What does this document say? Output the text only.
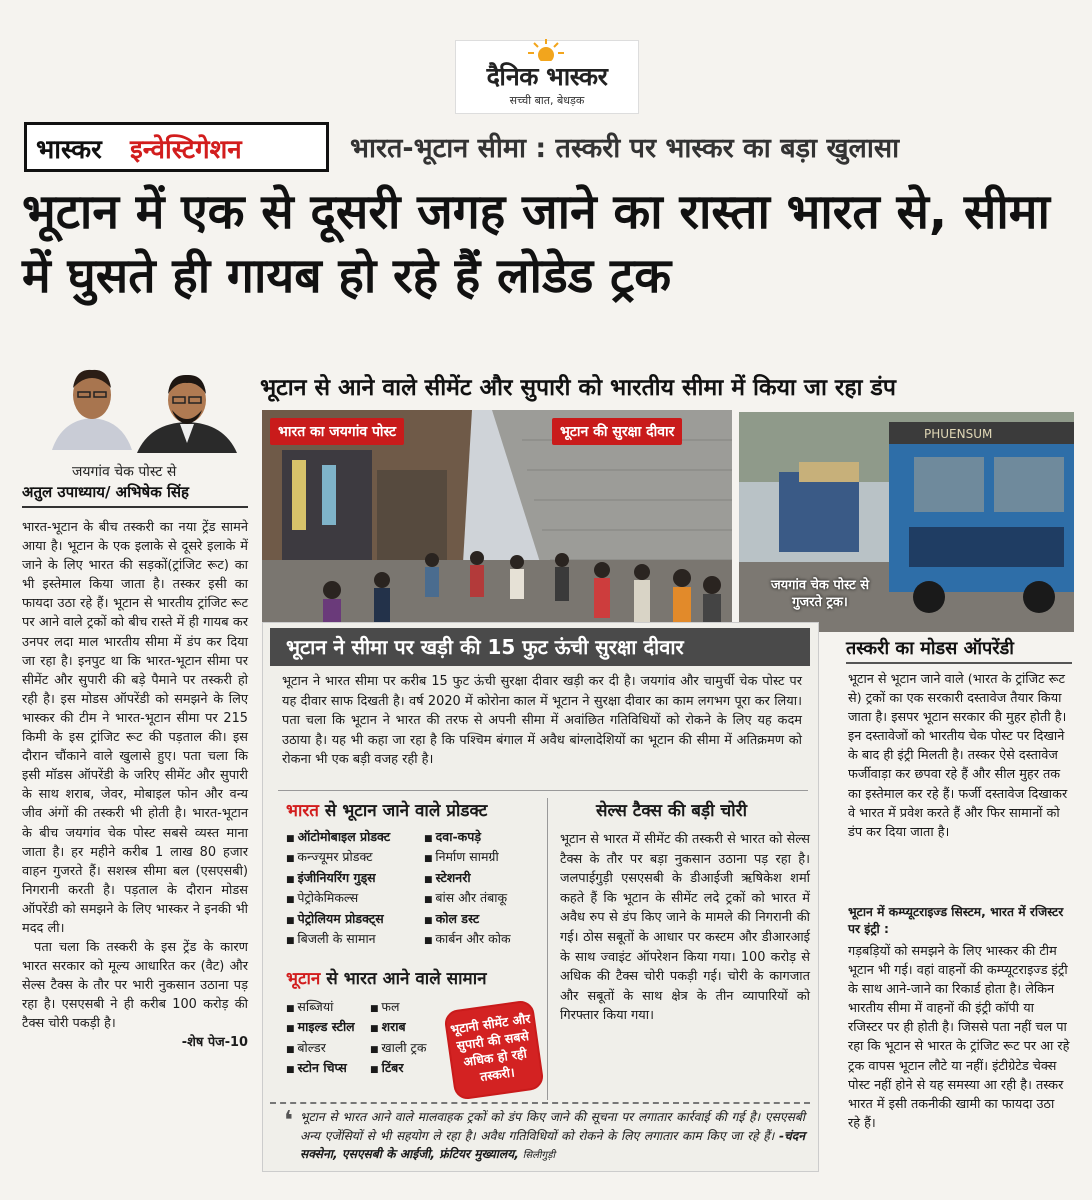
दैनिक भास्कर
सच्ची बात, बेधड़क
भास्कर इन्वेस्टिगेशन	भारत-भूटान सीमा : तस्करी पर भास्कर का बड़ा खुलासा
भूटान में एक से दूसरी जगह जाने का रास्ता भारत से, सीमा में घुसते ही गायब हो रहे हैं लोडेड ट्रक
भूटान से आने वाले सीमेंट और सुपारी को भारतीय सीमा में किया जा रहा डंप
जयगांव चेक पोस्ट से
अतुल उपाध्याय/ अभिषेक सिंह

भारत-भूटान के बीच तस्करी का नया ट्रेंड सामने आया है। भूटान के एक इलाके से दूसरे इलाके में जाने के लिए भारत की सड़कों(ट्रांजिट रूट) का भी इस्तेमाल किया जाता है। तस्कर इसी का फायदा उठा रहे हैं। भूटान से भारतीय ट्रांजिट रूट पर आने वाले ट्रकों को बीच रास्ते में ही गायब कर उनपर लदा माल भारतीय सीमा में डंप कर दिया जा रहा है। इनपुट था कि भारत-भूटान सीमा पर सीमेंट और सुपारी की बड़े पैमाने पर तस्करी हो रही है। इस मोडस ऑपरेंडी को समझने के लिए भास्कर की टीम ने भारत-भूटान सीमा पर 215 किमी के इस ट्रांजिट रूट की पड़ताल की। इस दौरान चौंकाने वाले खुलासे हुए। पता चला कि इसी मॉडस ऑपरेंडी के जरिए सीमेंट और सुपारी के साथ शराब, जेवर, मोबाइल फोन और वन्य जीव अंगों की तस्करी भी होती है। भारत-भूटान के बीच जयगांव चेक पोस्ट सबसे व्यस्त माना जाता है। हर महीने करीब 1 लाख 80 हजार वाहन गुजरते हैं। सशस्त्र सीमा बल (एसएसबी) निगरानी करती है। पड़ताल के दौरान मोडस ऑपरेंडी को समझने के लिए भास्कर ने इनकी भी मदद ली।

पता चला कि तस्करी के इस ट्रेंड के कारण भारत सरकार को मूल्य आधारित कर (वैट) और सेल्स टैक्स के तौर पर भारी नुकसान उठाना पड़ रहा है। एसएसबी ने ही करीब 100 करोड़ की टैक्स चोरी पकड़ी है।

-शेष पेज-10
भारत का जयगांव पोस्ट	भूटान की सुरक्षा दीवार	PHUENSUM
जयगांव चेक पोस्ट से गुजरते ट्रक।
भूटान ने सीमा पर खड़ी की 15 फुट ऊंची सुरक्षा दीवार
भूटान ने भारत सीमा पर करीब 15 फुट ऊंची सुरक्षा दीवार खड़ी कर दी है। जयगांव और चामुर्ची चेक पोस्ट पर यह दीवार साफ दिखती है। वर्ष 2020 में कोरोना काल में भूटान ने सुरक्षा दीवार का काम लगभग पूरा कर लिया। पता चला कि भूटान ने भारत की तरफ से अपनी सीमा में अवांछित गतिविधियों को रोकने के लिए यह कदम उठाया है। यह भी कहा जा रहा है कि पश्चिम बंगाल में अवैध बांग्लादेशियों का भूटान की सीमा में अतिक्रमण को रोकना भी एक बड़ी वजह रही है।
भारत से भूटान जाने वाले प्रोडक्ट
■ ऑटोमोबाइल प्रोडक्ट
■ कन्ज्यूमर प्रोडक्ट
■ इंजीनियरिंग गुड्स
■ पेट्रोकेमिकल्स
■ पेट्रोलियम प्रोडक्ट्स
■ बिजली के सामान
■ दवा-कपड़े
■ निर्माण सामग्री
■ स्टेशनरी
■ बांस और तंबाकू
■ कोल डस्ट
■ कार्बन और कोक
भूटान से भारत आने वाले सामान
■ सब्जियां
■ माइल्ड स्टील
■ बोल्डर
■ स्टोन चिप्स
■ फल
■ शराब
■ खाली ट्रक
■ टिंबर
भूटानी सीमेंट और सुपारी की सबसे अधिक हो रही तस्करी।
सेल्स टैक्स की बड़ी चोरी
भूटान से भारत में सीमेंट की तस्करी से भारत को सेल्स टैक्स के तौर पर बड़ा नुकसान उठाना पड़ रहा है। जलपाईगुड़ी एसएसबी के डीआईजी ऋषिकेश शर्मा कहते हैं कि भूटान के सीमेंट लदे ट्रकों को भारत में अवैध रुप से डंप किए जाने के मामले की निगरानी की गई। ठोस सबूतों के आधार पर कस्टम और डीआरआई के साथ ज्वाइंट ऑपरेशन किया गया। 100 करोड़ से अधिक की टैक्स चोरी पकड़ी गई। चोरी के कागजात और सबूतों के साथ क्षेत्र के तीन व्यापारियों को गिरफ्तार किया गया।
❛ भूटान से भारत आने वाले मालवाहक ट्रकों को डंप किए जाने की सूचना पर लगातार कार्रवाई की गई है। एसएसबी अन्य एजेंसियों से भी सहयोग ले रहा है। अवैध गतिविधियों को रोकने के लिए लगातार काम किए जा रहे हैं। -चंदन सक्सेना, एसएसबी के आईजी, फ्रंटियर मुख्यालय, सिलीगुड़ी
तस्करी का मोडस ऑपरेंडी
भूटान से भूटान जाने वाले (भारत के ट्रांजिट रूट से) ट्रकों का एक सरकारी दस्तावेज तैयार किया जाता है। इसपर भूटान सरकार की मुहर होती है। इन दस्तावेजों को भारतीय चेक पोस्ट पर दिखाने के बाद ही इंट्री मिलती है। तस्कर ऐसे दस्तावेज फर्जीवाड़ा कर छपवा रहे हैं और सील मुहर तक का इस्तेमाल कर रहे हैं। फर्जी दस्तावेज दिखाकर वे भारत में प्रवेश करते हैं और फिर सामानों को डंप कर दिया जाता है।
भूटान में कम्प्यूटराइज्ड सिस्टम, भारत में रजिस्टर पर इंट्री :
गड़बड़ियों को समझने के लिए भास्कर की टीम भूटान भी गई। वहां वाहनों की कम्प्यूटराइज्ड इंट्री के साथ आने-जाने का रिकार्ड होता है। लेकिन भारतीय सीमा में वाहनों की इंट्री कॉपी या रजिस्टर पर ही होती है। जिससे पता नहीं चल पा रहा कि भूटान से भारत के ट्रांजिट रूट पर आ रहे ट्रक वापस भूटान लौटे या नहीं। इंटीग्रेटेड चेक्स पोस्ट नहीं होने से यह समस्या आ रही है। तस्कर भारत में इसी तकनीकी खामी का फायदा उठा रहे हैं।
